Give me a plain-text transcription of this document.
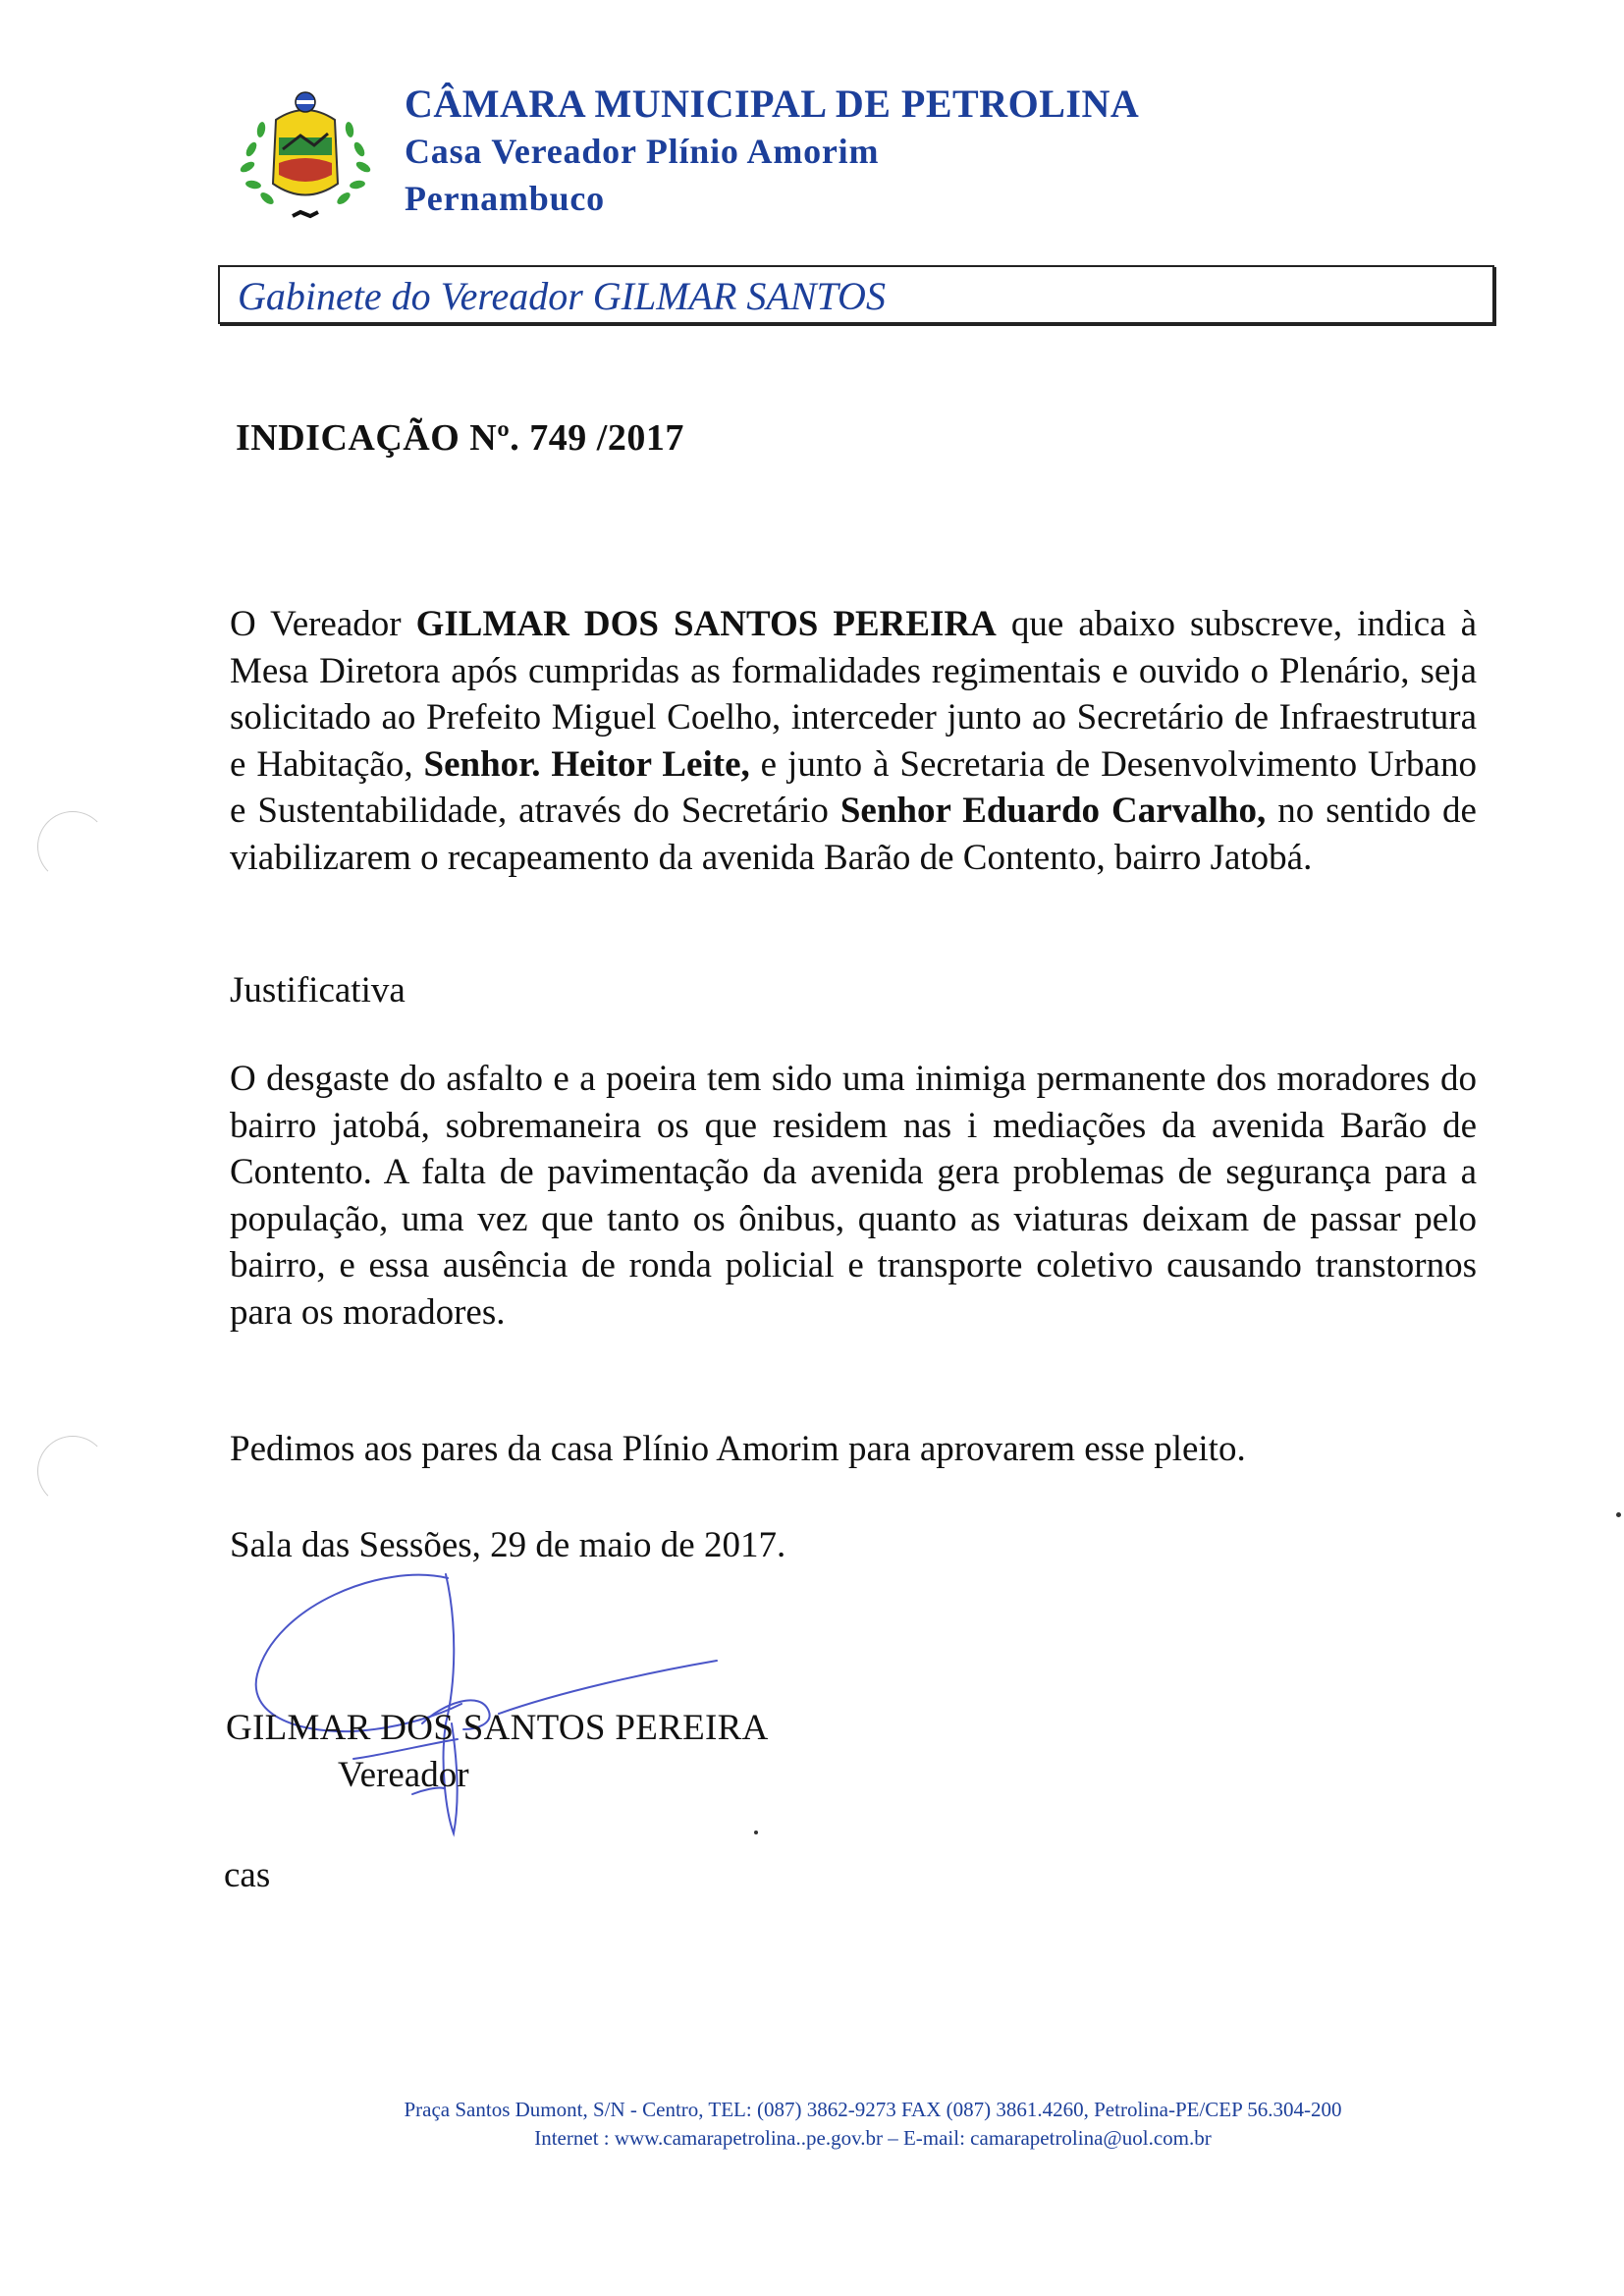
CÂMARA MUNICIPAL DE PETROLINA
Casa Vereador Plínio Amorim
Pernambuco
Gabinete do Vereador GILMAR SANTOS
INDICAÇÃO Nº. 749 /2017
O Vereador GILMAR DOS SANTOS PEREIRA que abaixo subscreve, indica à Mesa Diretora após cumpridas as formalidades regimentais e ouvido o Plenário, seja solicitado ao Prefeito Miguel Coelho, interceder junto ao Secretário de Infraestrutura e Habitação, Senhor. Heitor Leite, e junto à Secretaria de Desenvolvimento Urbano e Sustentabilidade, através do Secretário Senhor Eduardo Carvalho, no sentido de viabilizarem o recapeamento da avenida Barão de Contento, bairro Jatobá.
Justificativa
O desgaste do asfalto e a poeira tem sido uma inimiga permanente dos moradores do bairro jatobá, sobremaneira os que residem nas i mediações da avenida Barão de Contento. A falta de pavimentação da avenida gera problemas de segurança para a população, uma vez que tanto os ônibus, quanto as viaturas deixam de passar pelo bairro, e essa ausência de ronda policial e transporte coletivo causando transtornos para os moradores.
Pedimos aos pares da casa Plínio Amorim para aprovarem esse pleito.
Sala das Sessões, 29 de maio de 2017.
GILMAR DOS SANTOS PEREIRA
Vereador
cas
Praça Santos Dumont, S/N - Centro, TEL: (087) 3862-9273 FAX (087) 3861.4260, Petrolina-PE/CEP 56.304-200
Internet : www.camarapetrolina..pe.gov.br – E-mail: camarapetrolina@uol.com.br
